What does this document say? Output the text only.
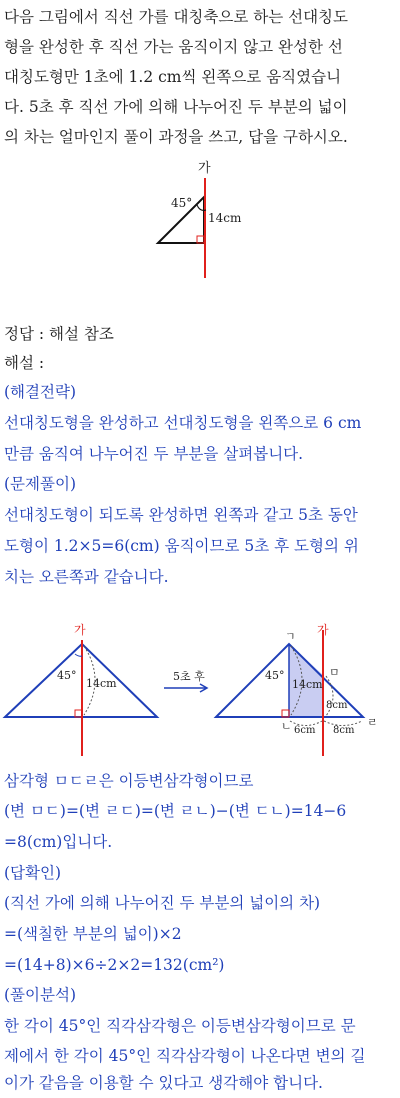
다음 그림에서 직선 가를 대칭축으로 하는 선대칭도
형을 완성한 후 직선 가는 움직이지 않고 완성한 선
대칭도형만 1초에 1.2 cm씩 왼쪽으로 움직였습니
다. 5초 후 직선 가에 의해 나누어진 두 부분의 넓이
의 차는 얼마인지 풀이 과정을 쓰고, 답을 구하시오.
가
45°
14cm
정답 : 해설 참조
해설 :
(해결전략)
선대칭도형을 완성하고 선대칭도형을 왼쪽으로 6 cm
만큼 움직여 나누어진 두 부분을 살펴봅니다.
(문제풀이)
선대칭도형이 되도록 완성하면 왼쪽과 같고 5초 동안
도형이 1.2×5=6(cm) 움직이므로 5초 후 도형의 위
치는 오른쪽과 같습니다.
가
45°
14cm
5초 후
가
ㄱ
ㅁ
ㄴ	ㄹ
45°
14cm
8cm
6cm 8cm
삼각형 ㅁㄷㄹ은 이등변삼각형이므로
(변 ㅁㄷ)=(변 ㄹㄷ)=(변 ㄹㄴ)−(변 ㄷㄴ)=14−6
=8(cm)입니다.
(답확인)
(직선 가에 의해 나누어진 두 부분의 넓이의 차)
=(색칠한 부분의 넓이)×2
=(14+8)×6÷2×2=132(cm²)
(풀이분석)
한 각이 45°인 직각삼각형은 이등변삼각형이므로 문
제에서 한 각이 45°인 직각삼각형이 나온다면 변의 길
이가 같음을 이용할 수 있다고 생각해야 합니다.
